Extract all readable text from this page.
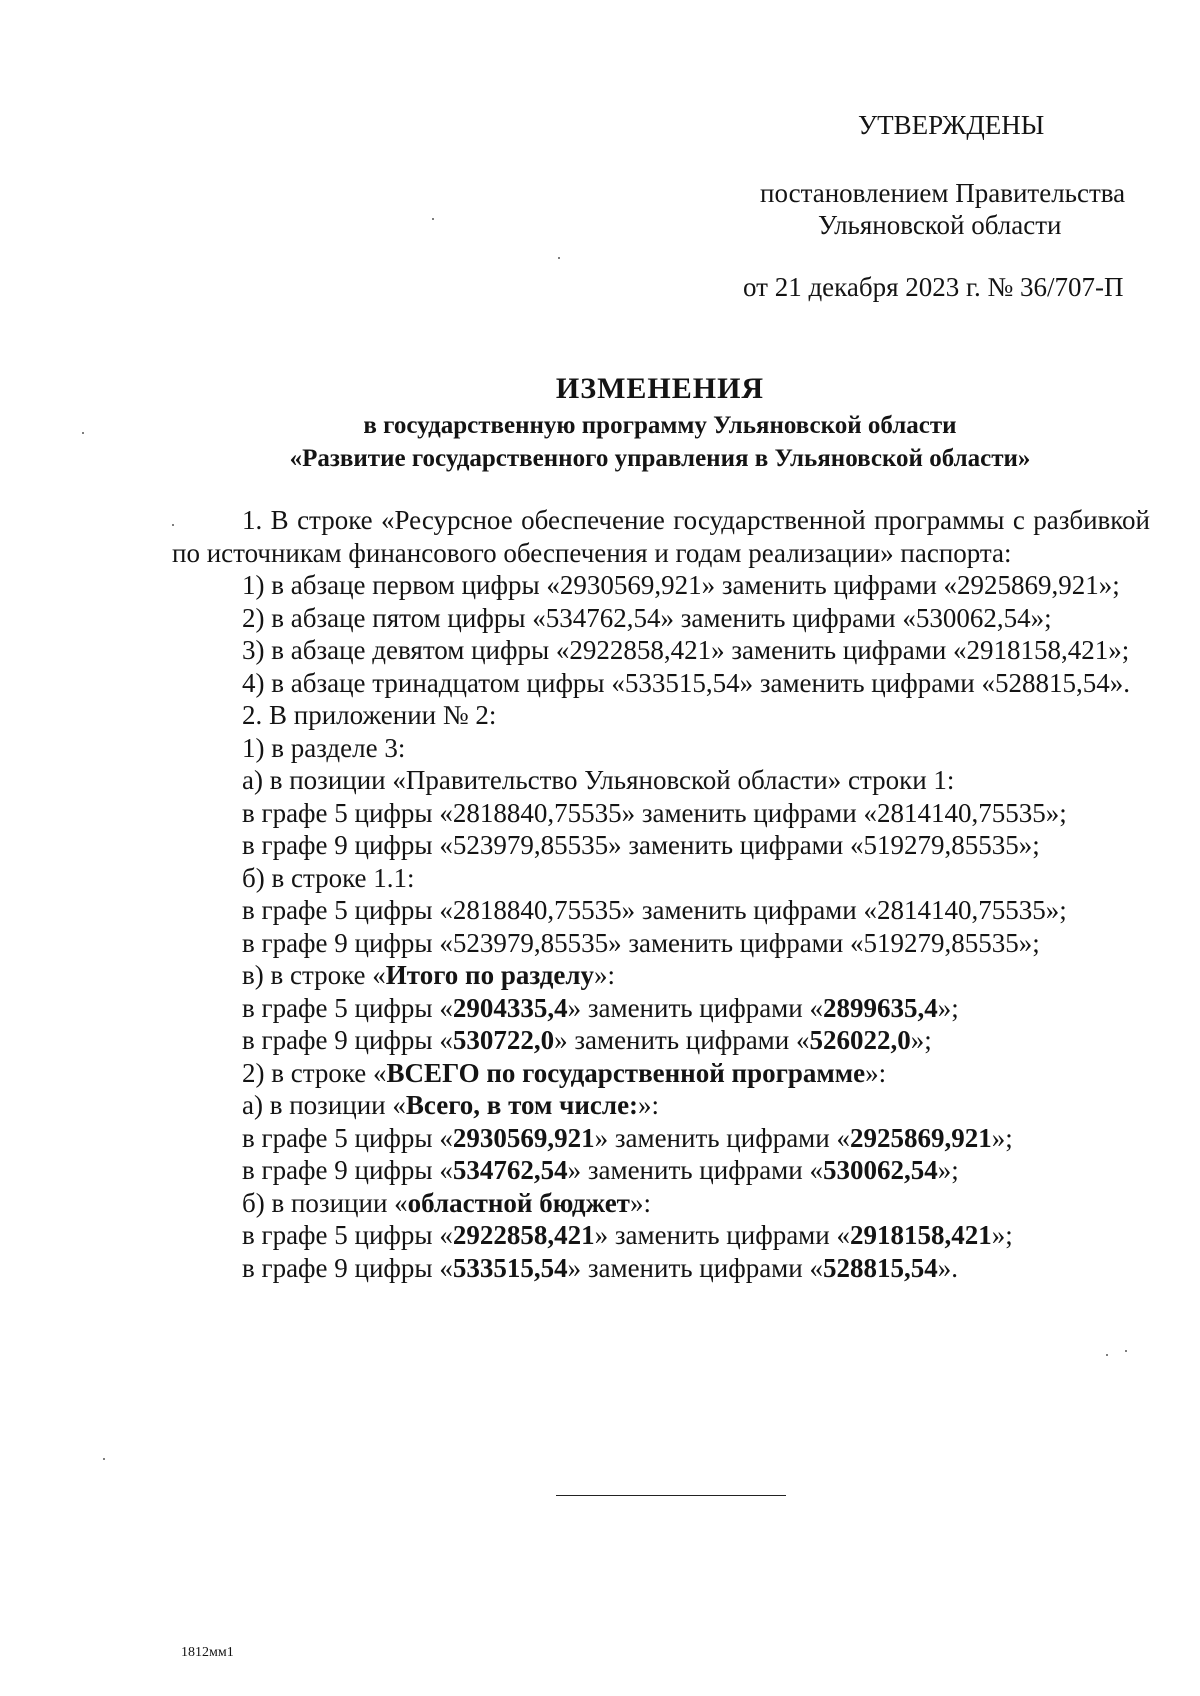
УТВЕРЖДЕНЫ
постановлением Правительства
Ульяновской области
от 21 декабря 2023 г. № 36/707-П
ИЗМЕНЕНИЯ
в государственную программу Ульяновской области
«Развитие государственного управления в Ульяновской области»

1. В строке «Ресурсное обеспечение государственной программы с разбивкой по источникам финансового обеспечения и годам реализации» паспорта:

1) в абзаце первом цифры «2930569,921» заменить цифрами «2925869,921»;

2) в абзаце пятом цифры «534762,54» заменить цифрами «530062,54»;

3) в абзаце девятом цифры «2922858,421» заменить цифрами «2918158,421»;

4) в абзаце тринадцатом цифры «533515,54» заменить цифрами «528815,54».

2. В приложении № 2:

1) в разделе 3:

а) в позиции «Правительство Ульяновской области» строки 1:

в графе 5 цифры «2818840,75535» заменить цифрами «2814140,75535»;

в графе 9 цифры «523979,85535» заменить цифрами «519279,85535»;

б) в строке 1.1:

в графе 5 цифры «2818840,75535» заменить цифрами «2814140,75535»;

в графе 9 цифры «523979,85535» заменить цифрами «519279,85535»;

в) в строке «Итого по разделу»:

в графе 5 цифры «2904335,4» заменить цифрами «2899635,4»;

в графе 9 цифры «530722,0» заменить цифрами «526022,0»;

2) в строке «ВСЕГО по государственной программе»:

а) в позиции «Всего, в том числе:»:

в графе 5 цифры «2930569,921» заменить цифрами «2925869,921»;

в графе 9 цифры «534762,54» заменить цифрами «530062,54»;

б) в позиции «областной бюджет»:

в графе 5 цифры «2922858,421» заменить цифрами «2918158,421»;

в графе 9 цифры «533515,54» заменить цифрами «528815,54».

1812мм1
